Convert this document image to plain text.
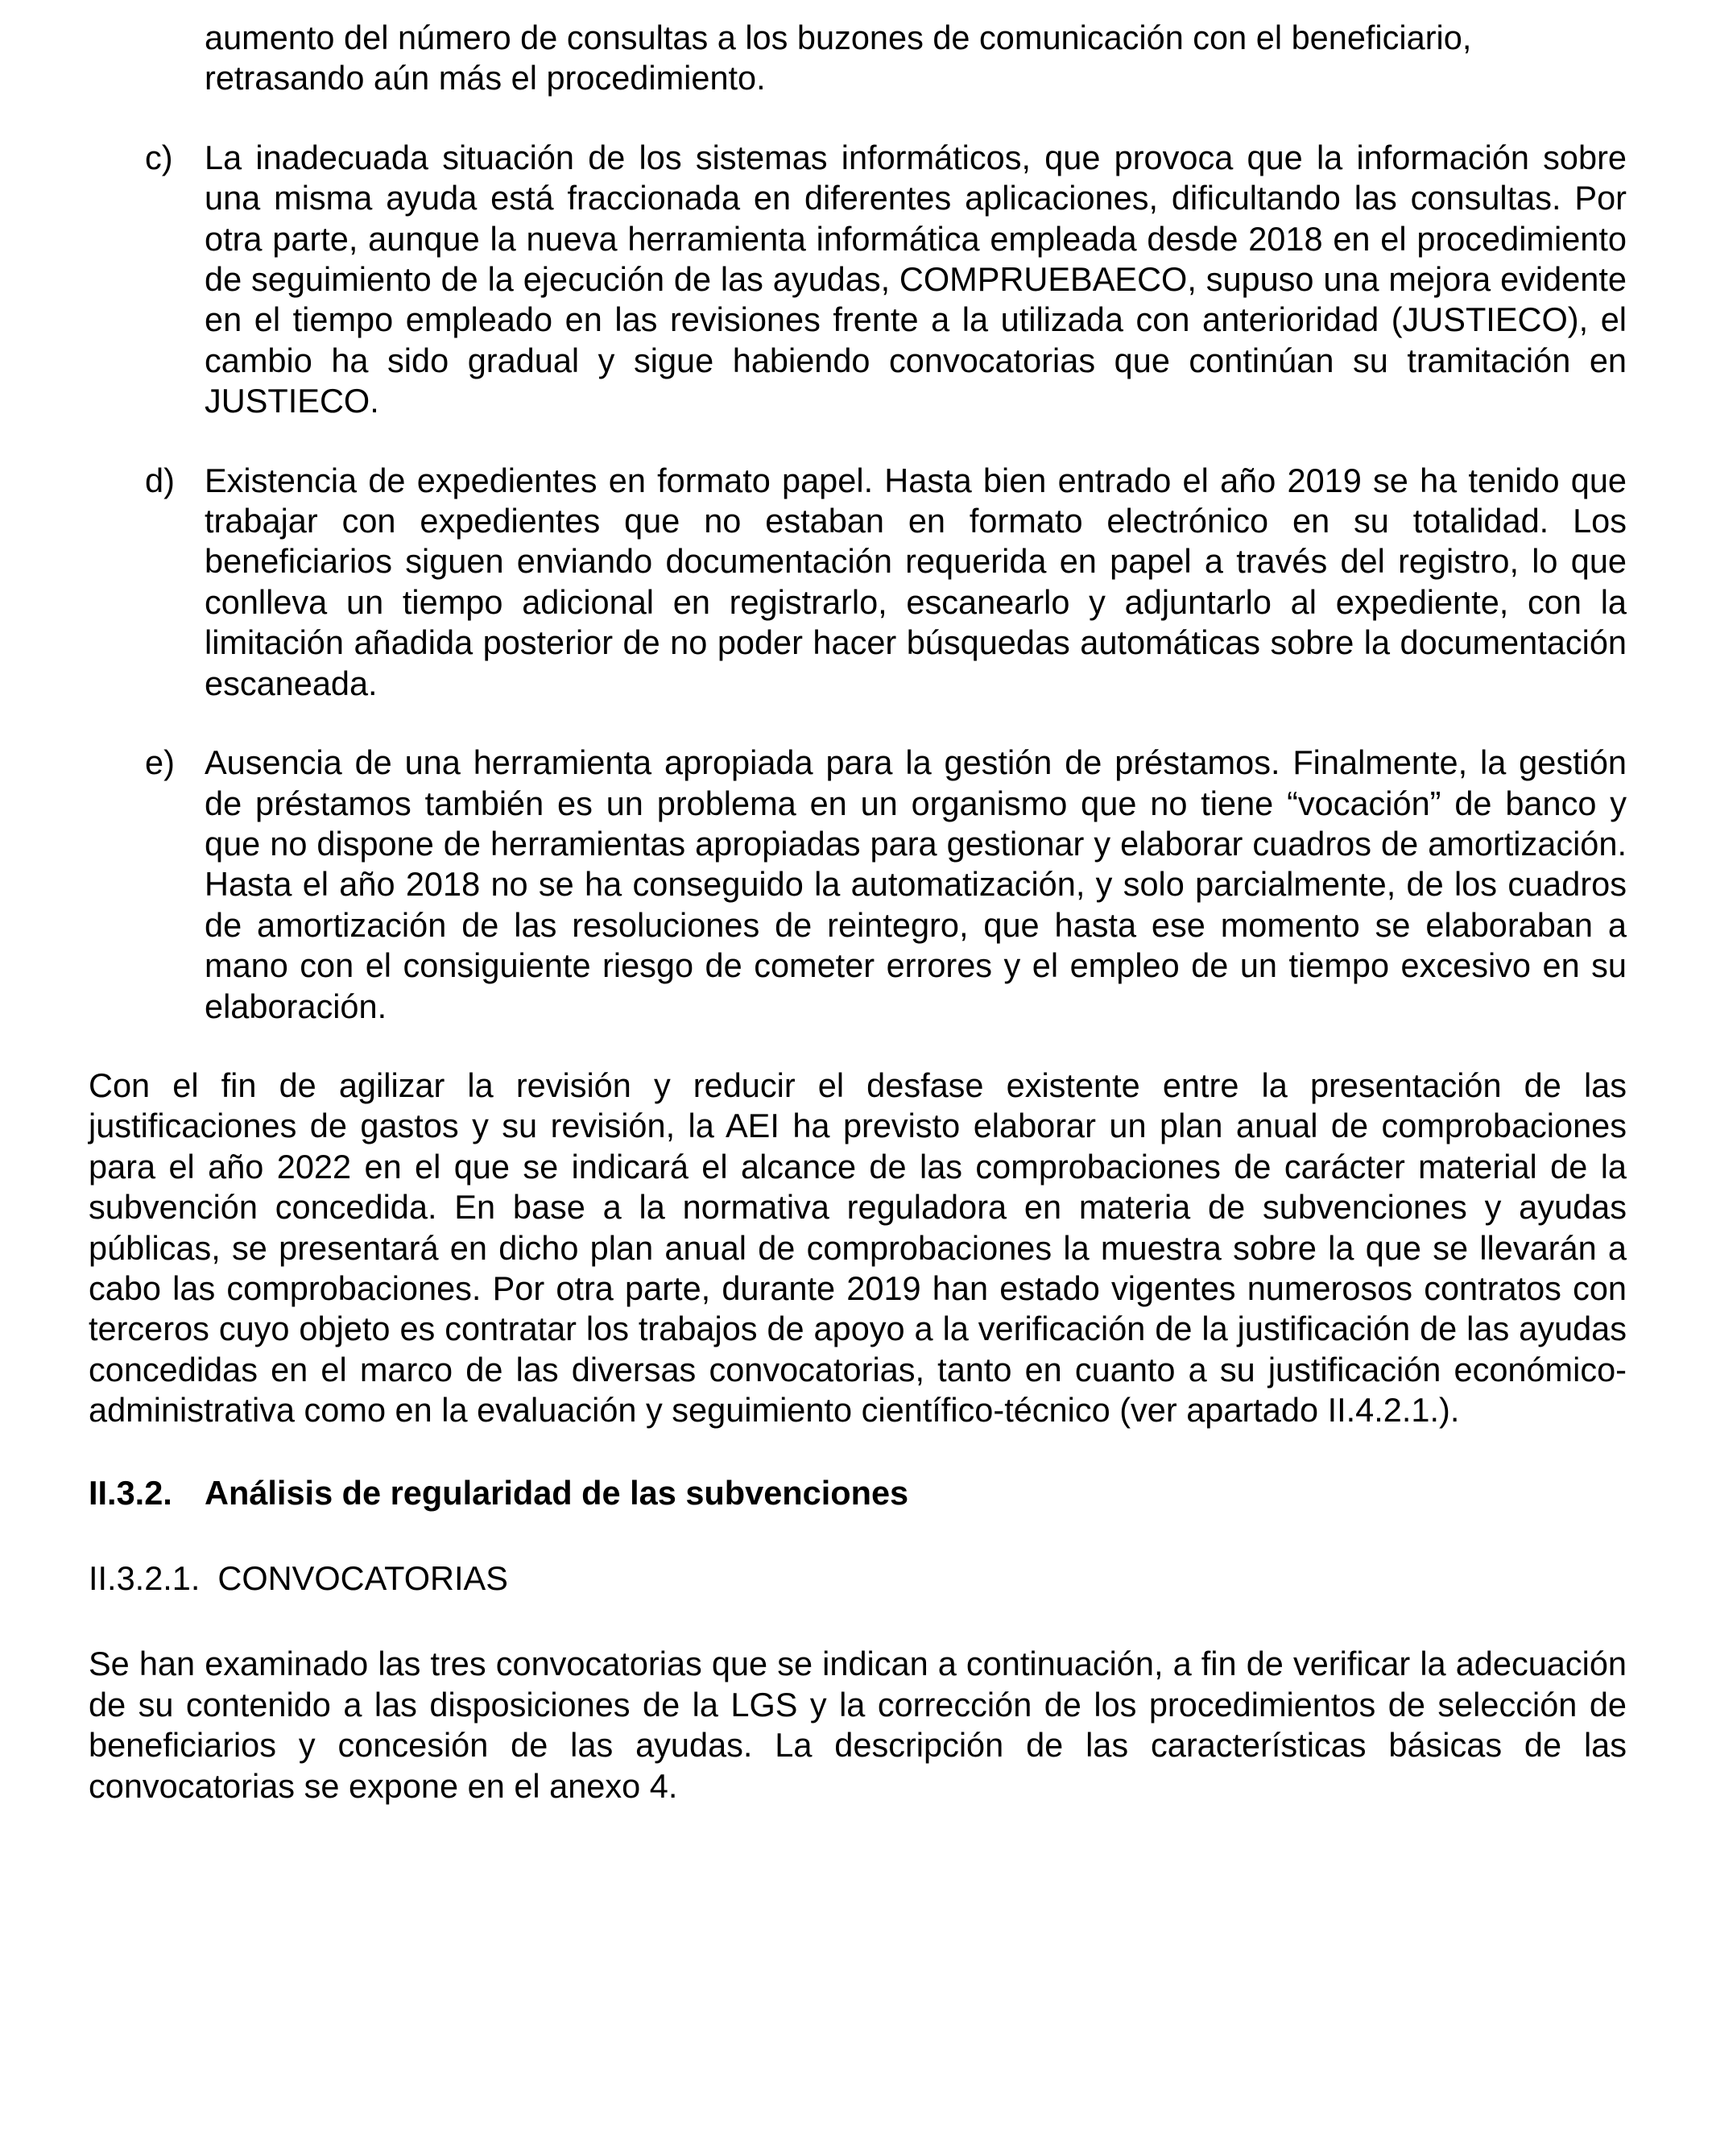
aumento del número de consultas a los buzones de comunicación con el beneficiario,

retrasando aún más el procedimiento.

c) La inadecuada situación de los sistemas informáticos, que provoca que la información sobre una misma ayuda está fraccionada en diferentes aplicaciones, dificultando las consultas. Por otra parte, aunque la nueva herramienta informática empleada desde 2018 en el procedimiento de seguimiento de la ejecución de las ayudas, COMPRUEBAECO, supuso una mejora evidente en el tiempo empleado en las revisiones frente a la utilizada con anterioridad (JUSTIECO), el cambio ha sido gradual y sigue habiendo convocatorias que continúan su tramitación en JUSTIECO.

d) Existencia de expedientes en formato papel. Hasta bien entrado el año 2019 se ha tenido que trabajar con expedientes que no estaban en formato electrónico en su totalidad. Los beneficiarios siguen enviando documentación requerida en papel a través del registro, lo que conlleva un tiempo adicional en registrarlo, escanearlo y adjuntarlo al expediente, con la limitación añadida posterior de no poder hacer búsquedas automáticas sobre la documentación escaneada.

e) Ausencia de una herramienta apropiada para la gestión de préstamos. Finalmente, la gestión de préstamos también es un problema en un organismo que no tiene “vocación” de banco y que no dispone de herramientas apropiadas para gestionar y elaborar cuadros de amortización. Hasta el año 2018 no se ha conseguido la automatización, y solo parcialmente, de los cuadros de amortización de las resoluciones de reintegro, que hasta ese momento se elaboraban a mano con el consiguiente riesgo de cometer errores y el empleo de un tiempo excesivo en su elaboración.

Con el fin de agilizar la revisión y reducir el desfase existente entre la presentación de las justificaciones de gastos y su revisión, la AEI ha previsto elaborar un plan anual de comprobaciones para el año 2022 en el que se indicará el alcance de las comprobaciones de carácter material de la subvención concedida. En base a la normativa reguladora en materia de subvenciones y ayudas públicas, se presentará en dicho plan anual de comprobaciones la muestra sobre la que se llevarán a cabo las comprobaciones. Por otra parte, durante 2019 han estado vigentes numerosos contratos con terceros cuyo objeto es contratar los trabajos de apoyo a la verificación de la justificación de las ayudas concedidas en el marco de las diversas convocatorias, tanto en cuanto a su justificación económico-administrativa como en la evaluación y seguimiento científico-técnico (ver apartado II.4.2.1.).

II.3.2. Análisis de regularidad de las subvenciones
II.3.2.1. CONVOCATORIAS

Se han examinado las tres convocatorias que se indican a continuación, a fin de verificar la adecuación de su contenido a las disposiciones de la LGS y la corrección de los procedimientos de selección de beneficiarios y concesión de las ayudas. La descripción de las características básicas de las convocatorias se expone en el anexo 4.
